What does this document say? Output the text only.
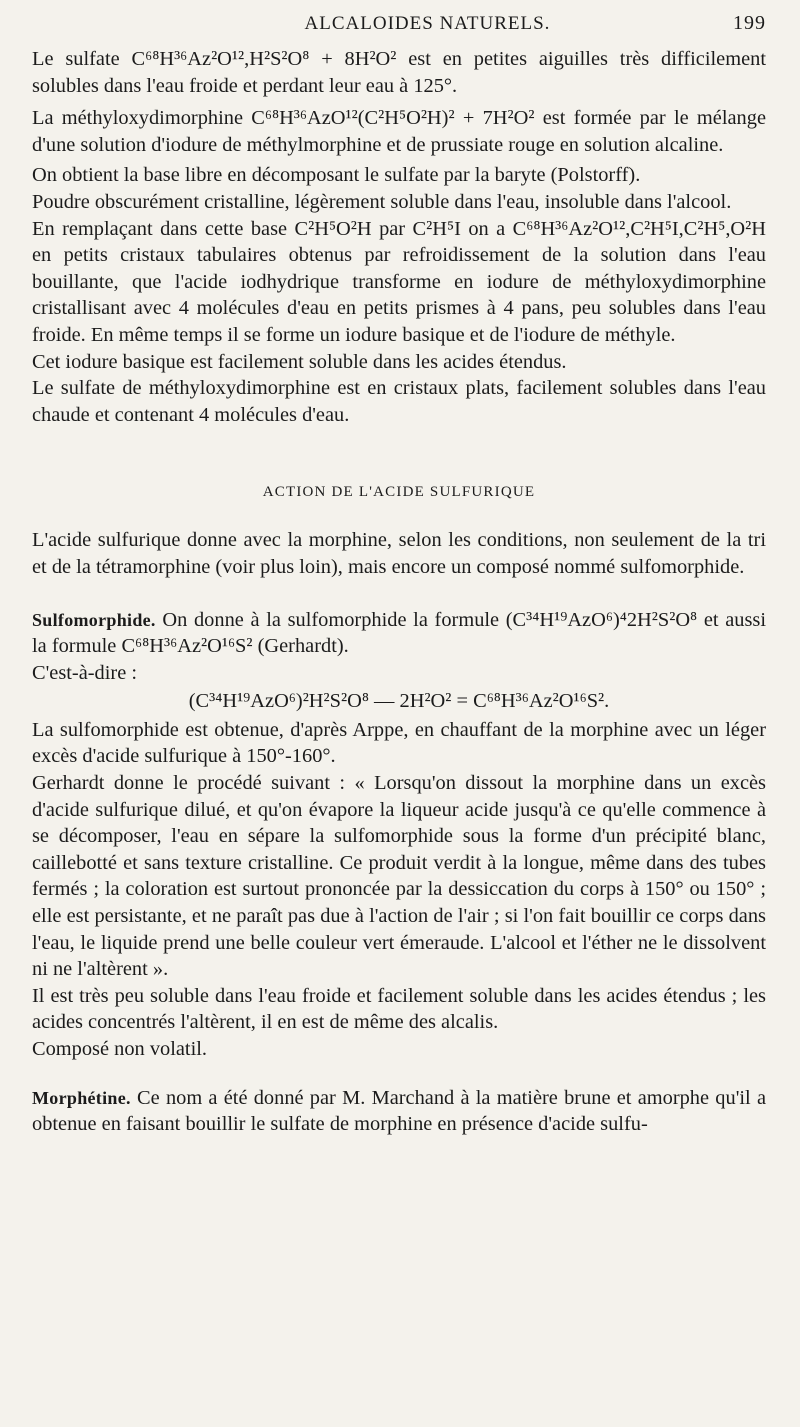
ALCALOIDES NATURELS.	199

Le sulfate C⁶⁸H³⁶Az²O¹²,H²S²O⁸ + 8H²O² est en petites aiguilles très difficilement solubles dans l'eau froide et perdant leur eau à 125°.

La méthyloxydimorphine C⁶⁸H³⁶AzO¹²(C²H⁵O²H)² + 7H²O² est formée par le mélange d'une solution d'iodure de méthylmorphine et de prussiate rouge en solution alcaline.

On obtient la base libre en décomposant le sulfate par la baryte (Polstorff).

Poudre obscurément cristalline, légèrement soluble dans l'eau, insoluble dans l'alcool.

En remplaçant dans cette base C²H⁵O²H par C²H⁵I on a C⁶⁸H³⁶Az²O¹²,C²H⁵I,C²H⁵,O²H en petits cristaux tabulaires obtenus par refroidissement de la solution dans l'eau bouillante, que l'acide iodhydrique transforme en iodure de méthyloxydimorphine cristallisant avec 4 molécules d'eau en petits prismes à 4 pans, peu solubles dans l'eau froide. En même temps il se forme un iodure basique et de l'iodure de méthyle.

Cet iodure basique est facilement soluble dans les acides étendus.

Le sulfate de méthyloxydimorphine est en cristaux plats, facilement solubles dans l'eau chaude et contenant 4 molécules d'eau.

ACTION DE L'ACIDE SULFURIQUE

L'acide sulfurique donne avec la morphine, selon les conditions, non seulement de la tri et de la tétramorphine (voir plus loin), mais encore un composé nommé sulfomorphide.

Sulfomorphide. On donne à la sulfomorphide la formule (C³⁴H¹⁹AzO⁶)⁴2H²S²O⁸ et aussi la formule C⁶⁸H³⁶Az²O¹⁶S² (Gerhardt).

C'est-à-dire :

(C³⁴H¹⁹AzO⁶)²H²S²O⁸ — 2H²O² = C⁶⁸H³⁶Az²O¹⁶S².

La sulfomorphide est obtenue, d'après Arppe, en chauffant de la morphine avec un léger excès d'acide sulfurique à 150°-160°.

Gerhardt donne le procédé suivant : « Lorsqu'on dissout la morphine dans un excès d'acide sulfurique dilué, et qu'on évapore la liqueur acide jusqu'à ce qu'elle commence à se décomposer, l'eau en sépare la sulfomorphide sous la forme d'un précipité blanc, caillebotté et sans texture cristalline. Ce produit verdit à la longue, même dans des tubes fermés ; la coloration est surtout prononcée par la dessiccation du corps à 150° ou 150° ; elle est persistante, et ne paraît pas due à l'action de l'air ; si l'on fait bouillir ce corps dans l'eau, le liquide prend une belle couleur vert émeraude. L'alcool et l'éther ne le dissolvent ni ne l'altèrent ».

Il est très peu soluble dans l'eau froide et facilement soluble dans les acides étendus ; les acides concentrés l'altèrent, il en est de même des alcalis.

Composé non volatil.

Morphétine. Ce nom a été donné par M. Marchand à la matière brune et amorphe qu'il a obtenue en faisant bouillir le sulfate de morphine en présence d'acide sulfu-
